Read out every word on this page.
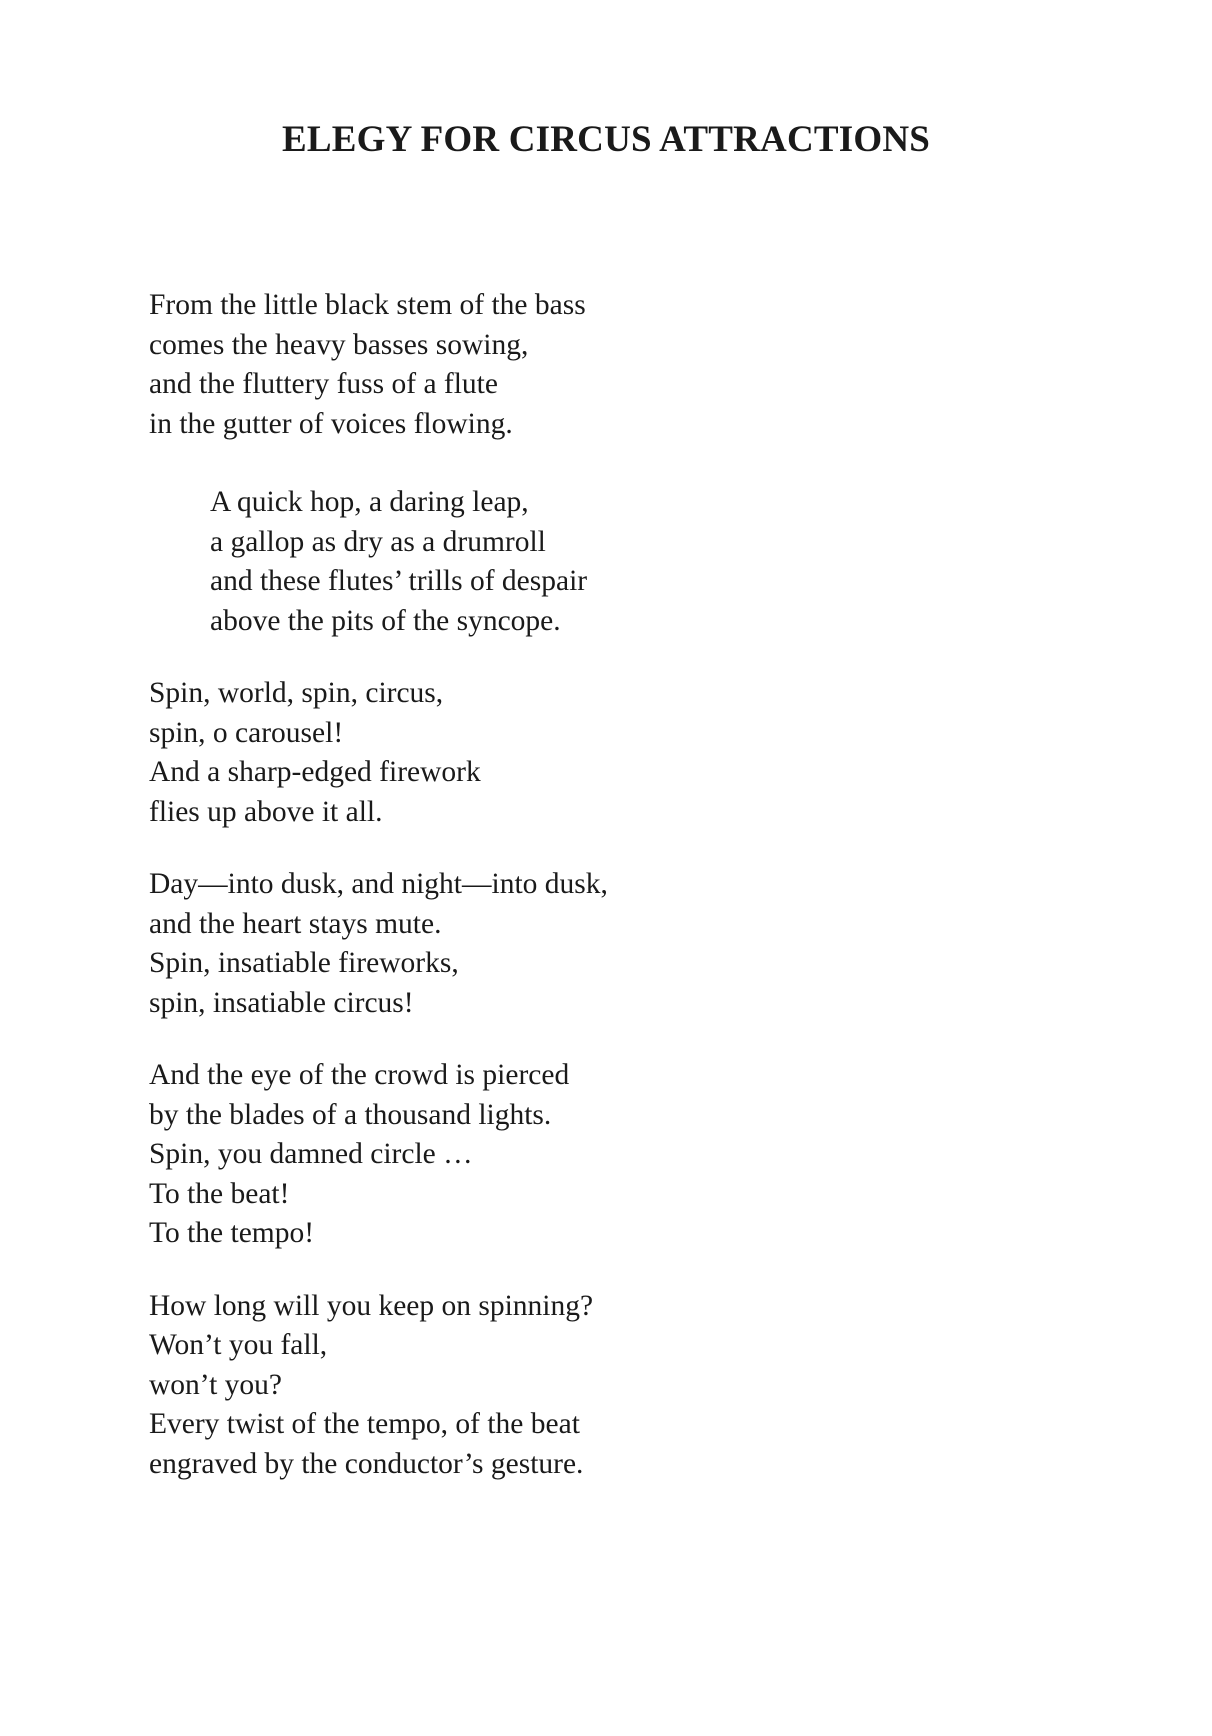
ELEGY FOR CIRCUS ATTRACTIONS
From the little black stem of the bass
comes the heavy basses sowing,
and the fluttery fuss of a flute
in the gutter of voices flowing.
A quick hop, a daring leap,
a gallop as dry as a drumroll
and these flutes’ trills of despair
above the pits of the syncope.
Spin, world, spin, circus,
spin, o carousel!
And a sharp-edged firework
flies up above it all.
Day—into dusk, and night—into dusk,
and the heart stays mute.
Spin, insatiable fireworks,
spin, insatiable circus!
And the eye of the crowd is pierced
by the blades of a thousand lights.
Spin, you damned circle …
To the beat!
To the tempo!
How long will you keep on spinning?
Won’t you fall,
won’t you?
Every twist of the tempo, of the beat
engraved by the conductor’s gesture.
